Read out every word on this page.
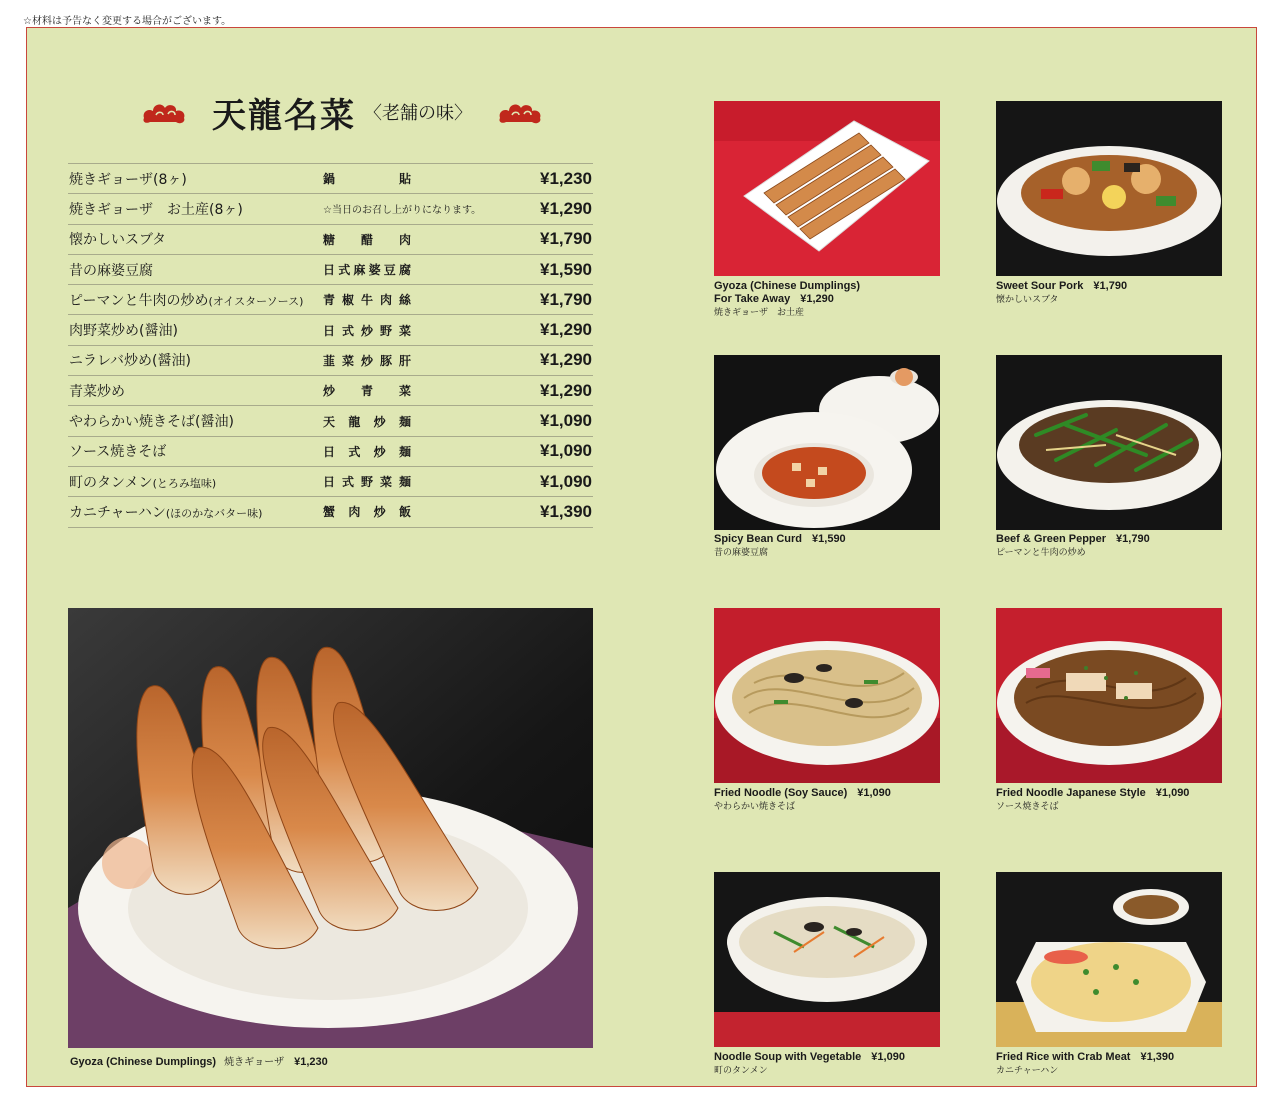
☆材料は予告なく変更する場合がございます。
天龍名菜 〈老舗の味〉
焼きギョーザ(8ヶ)	鍋	貼	¥1,230
焼きギョーザ　お土産(8ヶ)	☆当日のお召し上がりになります。	¥1,290
懐かしいスブタ	糖 醋 肉	¥1,790
昔の麻婆豆腐	日 式 麻 婆 豆 腐	¥1,590
ピーマンと牛肉の炒め(オイスターソース) 青 椒 牛 肉 絲	¥1,790
肉野菜炒め(醤油)	日 式 炒 野 菜	¥1,290
ニラレバ炒め(醤油)	韮 菜 炒 豚 肝	¥1,290
青菜炒め	炒 青 菜	¥1,290
やわらかい焼きそば(醤油)	天 龍 炒 麺	¥1,090
ソース焼きそば	日 式 炒 麺	¥1,090
町のタンメン(とろみ塩味)	日 式 野 菜 麺	¥1,090
カニチャーハン(ほのかなバター味)	蟹 肉 炒 飯	¥1,390
Gyoza (Chinese Dumplings) 焼きギョーザ ¥1,230
Gyoza (Chinese Dumplings)
For Take Away ¥1,290
焼きギョーザ　お土産
Sweet Sour Pork ¥1,790
懐かしいスブタ
Spicy Bean Curd ¥1,590
昔の麻婆豆腐
Beef & Green Pepper ¥1,790
ピーマンと牛肉の炒め
Fried Noodle (Soy Sauce) ¥1,090
やわらかい焼きそば
Fried Noodle Japanese Style ¥1,090
ソース焼きそば
Noodle Soup with Vegetable ¥1,090
町のタンメン
Fried Rice with Crab Meat ¥1,390
カニチャーハン
